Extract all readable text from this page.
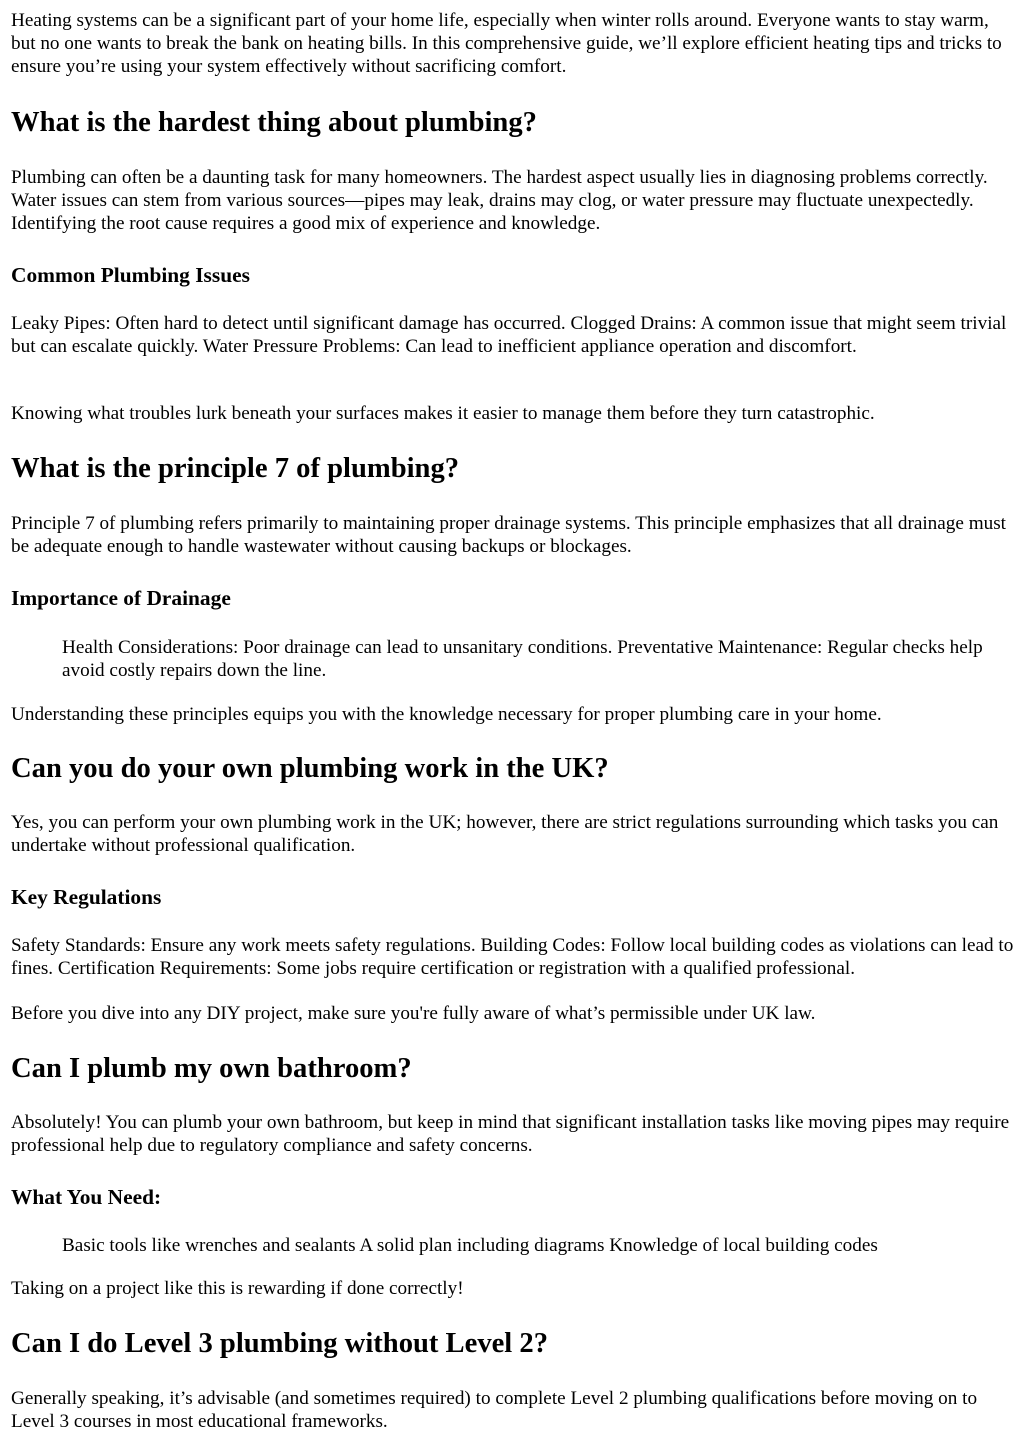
Heating systems can be a significant part of your home life, especially when winter rolls around. Everyone wants to stay warm, but no one wants to break the bank on heating bills. In this comprehensive guide, we’ll explore efficient heating tips and tricks to ensure you’re using your system effectively without sacrificing comfort.

What is the hardest thing about plumbing?

Plumbing can often be a daunting task for many homeowners. The hardest aspect usually lies in diagnosing problems correctly. Water issues can stem from various sources—pipes may leak, drains may clog, or water pressure may fluctuate unexpectedly. Identifying the root cause requires a good mix of experience and knowledge.

Common Plumbing Issues

Leaky Pipes: Often hard to detect until significant damage has occurred. Clogged Drains: A common issue that might seem trivial but can escalate quickly. Water Pressure Problems: Can lead to inefficient appliance operation and discomfort.

Knowing what troubles lurk beneath your surfaces makes it easier to manage them before they turn catastrophic.

What is the principle 7 of plumbing?

Principle 7 of plumbing refers primarily to maintaining proper drainage systems. This principle emphasizes that all drainage must be adequate enough to handle wastewater without causing backups or blockages.

Importance of Drainage

Health Considerations: Poor drainage can lead to unsanitary conditions. Preventative Maintenance: Regular checks help avoid costly repairs down the line.

Understanding these principles equips you with the knowledge necessary for proper plumbing care in your home.

Can you do your own plumbing work in the UK?

Yes, you can perform your own plumbing work in the UK; however, there are strict regulations surrounding which tasks you can undertake without professional qualification.

Key Regulations

Safety Standards: Ensure any work meets safety regulations. Building Codes: Follow local building codes as violations can lead to fines. Certification Requirements: Some jobs require certification or registration with a qualified professional.

Before you dive into any DIY project, make sure you're fully aware of what’s permissible under UK law.

Can I plumb my own bathroom?

Absolutely! You can plumb your own bathroom, but keep in mind that significant installation tasks like moving pipes may require professional help due to regulatory compliance and safety concerns.

What You Need:

Basic tools like wrenches and sealants A solid plan including diagrams Knowledge of local building codes

Taking on a project like this is rewarding if done correctly!

Can I do Level 3 plumbing without Level 2?

Generally speaking, it’s advisable (and sometimes required) to complete Level 2 plumbing qualifications before moving on to Level 3 courses in most educational frameworks.
